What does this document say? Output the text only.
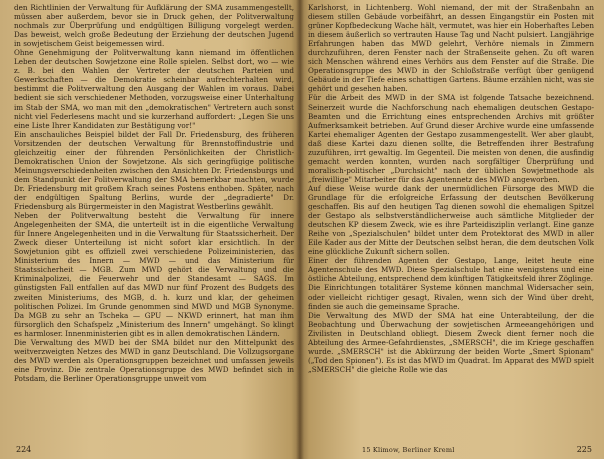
den Richtlinien der Verwaltung für Aufklärung der SMA zusammengestellt, müssen aber außerdem, bevor sie in Druck gehen, der Politverwaltung nochmals zur Überprüfung und endgültigen Billigung vorgelegt werden. Das beweist, welch große Bedeutung der Erziehung der deutschen Jugend in sowjetischem Geist beigemessen wird.

Ohne Genehmigung der Politverwaltung kann niemand im öffentlichen Leben der deutschen Sowjetzone eine Rolle spielen. Selbst dort, wo — wie z. B. bei den Wahlen der Vertreter der deutschen Parteien und Gewerkschaften — die Demokratie scheinbar aufrechterhalten wird, bestimmt die Politverwaltung den Ausgang der Wahlen im voraus. Dabei bedient sie sich verschiedener Methoden, vorzugsweise einer Unterhaltung im Stab der SMA, wo man mit den „demokratischen" Vertretern auch sonst nicht viel Federlesens macht und sie kurzerhand auffordert: „Legen Sie uns eine Liste Ihrer Kandidaten zur Bestätigung vor!"

Ein anschauliches Beispiel bildet der Fall Dr. Friedensburg, des früheren Vorsitzenden der deutschen Verwaltung für Brennstoffindustrie und gleichzeitig einer der führenden Persönlichkeiten der Christlich-Demokratischen Union der Sowjetzone. Als sich geringfügige politische Meinungsverschiedenheiten zwischen den Ansichten Dr. Friedensburgs und dem Standpunkt der Politverwaltung der SMA bemerkbar machten, wurde Dr. Friedensburg mit großem Krach seines Postens enthoben. Später, nach der endgültigen Spaltung Berlins, wurde der „degradierte" Dr. Friedensburg als Bürgermeister in den Magistrat Westberlins gewählt.

Neben der Politverwaltung besteht die Verwaltung für innere Angelegenheiten der SMA, die unterteilt ist in die eigentliche Verwaltung für Innere Angelegenheiten und in die Verwaltung für Staatssicherheit. Der Zweck dieser Unterteilung ist nicht sofort klar ersichtlich. In der Sowjetunion gibt es offiziell zwei verschiedene Polizeiministerien, das Ministerium des Innern — MWD — und das Ministerium für Staatssicherheit — MGB. Zum MWD gehört die Verwaltung und die Kriminalpolizei, die Feuerwehr und der Standesamt — SAGS. Im günstigsten Fall entfallen auf das MWD nur fünf Prozent des Budgets des zweiten Ministeriums, des MGB, d. h. kurz und klar, der geheimen politischen Polizei. Im Grunde genommen sind MWD und MGB Synonyme. Da MGB zu sehr an Tscheka — GPU — NKWD erinnert, hat man ihm fürsorglich den Schafspelz „Ministerium des Innern" umgehängt. So klingt es harmloser. Innenministerien gibt es in allen demokratischen Ländern.

Die Verwaltung des MWD bei der SMA bildet nur den Mittelpunkt des weitverzweigten Netzes des MWD in ganz Deutschland. Die Vollzugsorgane des MWD werden als Operationsgruppen bezeichnet und umfassen jeweils eine Provinz. Die zentrale Operationsgruppe des MWD befindet sich in Potsdam, die Berliner Operationsgruppe unweit vom

224

Karlshorst, in Lichtenberg. Wohl niemand, der mit der Straßenbahn an diesem stillen Gebäude vorbeifährt, an dessen Eingangstür ein Posten mit grüner Kopfbedeckung Wache hält, vermutet, was hier ein Hoberhaftes Leben in diesem äußerlich so vertrauten Hause Tag und Nacht pulsiert. Langjährige Erfahrungen haben das MWD gelehrt, Verhöre niemals in Zimmern durchzuführen, deren Fenster nach der Straßenseite gehen. Zu oft waren sich Menschen während eines Verhörs aus dem Fenster auf die Straße. Die Operationsgruppe des MWD in der Schloßstraße verfügt über genügend Gebäude in der Tiefe eines schattigen Gartens. Bäume erzählen nicht, was sie gehört und gesehen haben.

Für die Arbeit des MWD in der SMA ist folgende Tatsache bezeichnend. Seinerzeit wurde die Nachforschung nach ehemaligen deutschen Gestapo-Beamten und die Errichtung eines entsprechenden Archivs mit größter Aufmerksamkeit betrieben. Auf Grund dieser Archive wurde eine umfassende Kartei ehemaliger Agenten der Gestapo zusammengestellt. Wer aber glaubt, daß diese Kartei dazu dienen sollte, die Betreffenden ihrer Bestrafung zuzuführen, irrt gewaltig. Im Gegenteil. Die meisten von denen, die ausfindig gemacht werden konnten, wurden nach sorgfältiger Überprüfung und moralisch-politischer „Durchsicht" nach der üblichen Sowjetmethode als „freiwillige" Mitarbeiter für das Agentennetz des MWD angeworben.

Auf diese Weise wurde dank der unermüdlichen Fürsorge des MWD die Grundlage für die erfolgreiche Erfassung der deutschen Bevölkerung geschaffen. Bis auf den heutigen Tag dienen sowohl die ehemaligen Spitzel der Gestapo als selbstverständlicherweise auch sämtliche Mitglieder der deutschen KP diesem Zweck, wie es ihre Parteidisziplin verlangt. Eine ganze Reihe von „Spezialschulen" bildet unter dem Protektorat des MWD in aller Eile Kader aus der Mitte der Deutschen selbst heran, die dem deutschen Volk eine glückliche Zukunft sichern sollen.

Einer der führenden Agenten der Gestapo, Lange, leitet heute eine Agentenschule des MWD. Diese Spezialschule hat eine wenigstens und eine östliche Abteilung, entsprechend dem künftigen Tätigkeitsfeld ihrer Zöglinge.

Die Einrichtungen totalitärer Systeme können manchmal Widersacher sein, oder vielleicht richtiger gesagt, Rivalen, wenn sich der Wind über dreht, finden sie auch die gemeinsame Sprache.

Die Verwaltung des MWD der SMA hat eine Unterabteilung, der die Beobachtung und Überwachung der sowjetischen Armeeangehörigen und Zivilisten in Deutschland obliegt. Diesem Zweck dient ferner noch die Abteilung des Armee-Gefahrdienstes, „SMERSCH", die im Kriege geschaffen wurde. „SMERSCH" ist die Abkürzung der beiden Worte „Smert Spionam" („Tod den Spionen"). Es ist das MWD im Quadrat. Im Apparat des MWD spielt „SMERSCH" die gleiche Rolle wie das

15 Klimow, Berliner Kreml	225
